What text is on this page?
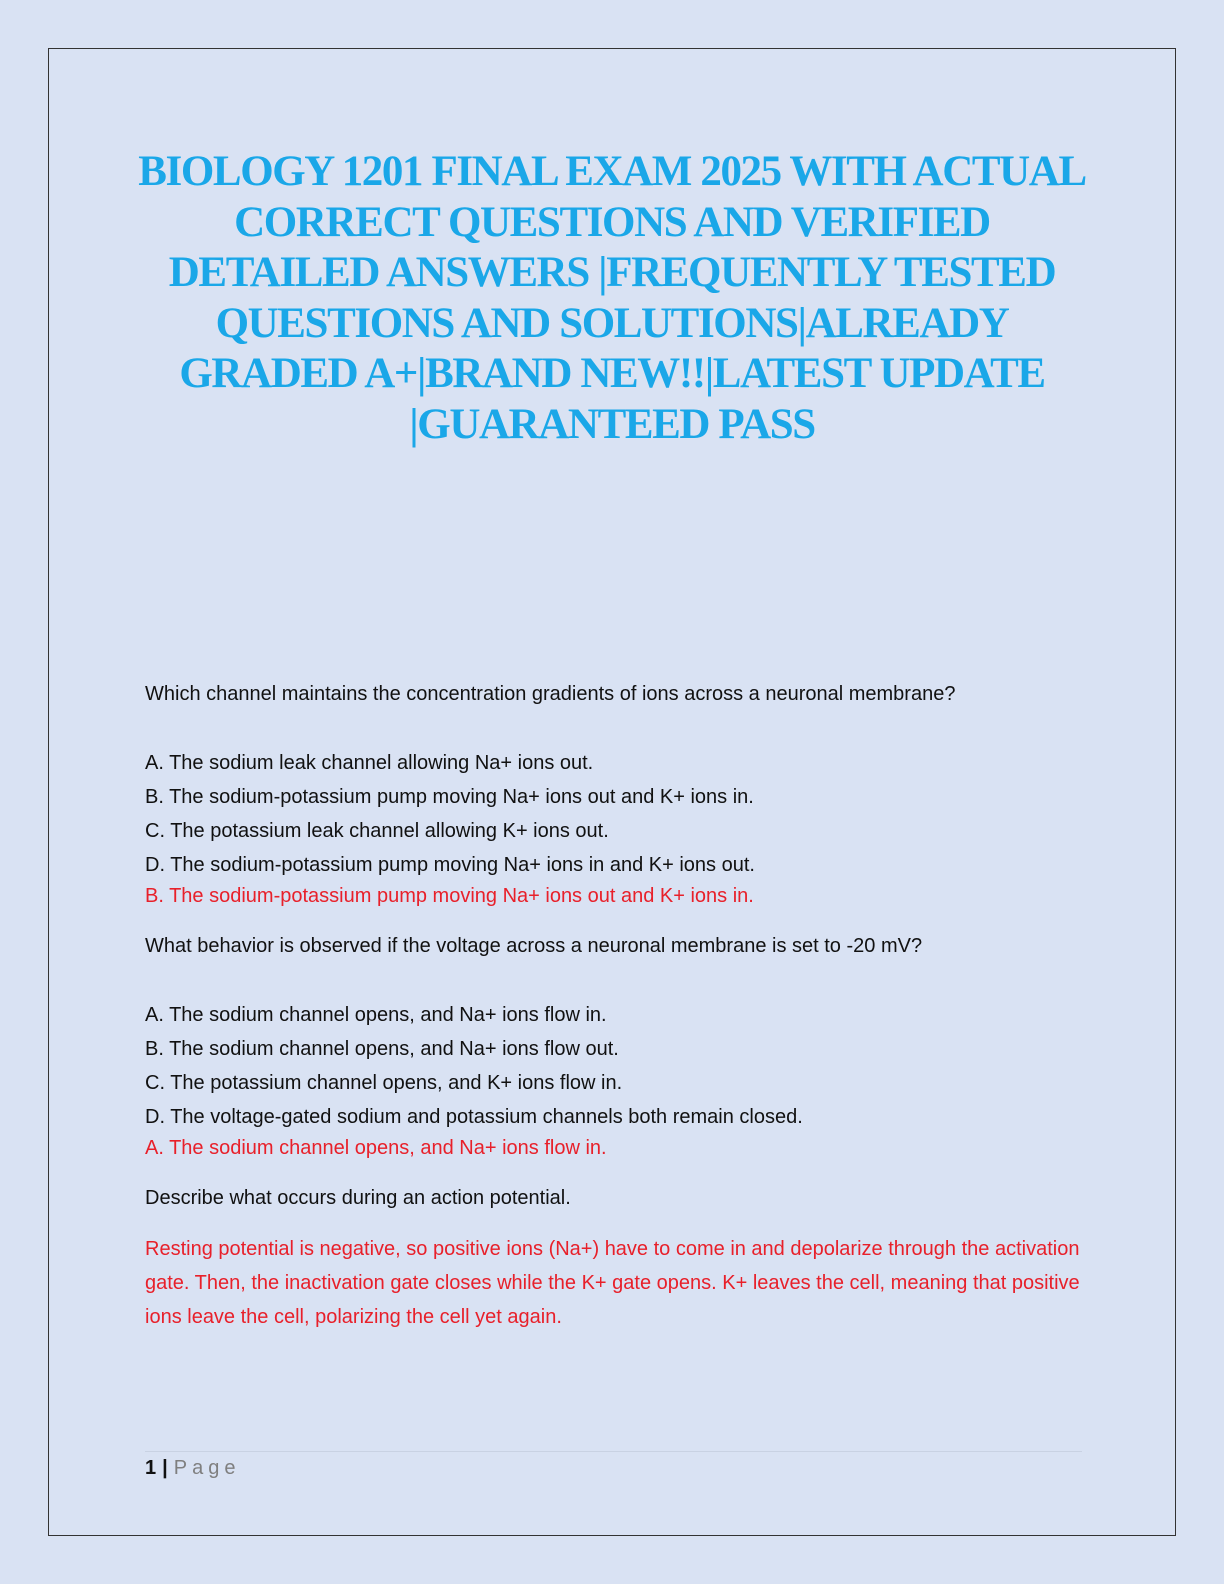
BIOLOGY 1201 FINAL EXAM 2025 WITH ACTUAL CORRECT QUESTIONS AND VERIFIED DETAILED ANSWERS |FREQUENTLY TESTED QUESTIONS AND SOLUTIONS|ALREADY GRADED A+|BRAND NEW!!|LATEST UPDATE |GUARANTEED PASS

Which channel maintains the concentration gradients of ions across a neuronal membrane?

A. The sodium leak channel allowing Na+ ions out.

B. The sodium-potassium pump moving Na+ ions out and K+ ions in.

C. The potassium leak channel allowing K+ ions out.

D. The sodium-potassium pump moving Na+ ions in and K+ ions out.

B. The sodium-potassium pump moving Na+ ions out and K+ ions in.

What behavior is observed if the voltage across a neuronal membrane is set to -20 mV?

A. The sodium channel opens, and Na+ ions flow in.

B. The sodium channel opens, and Na+ ions flow out.

C. The potassium channel opens, and K+ ions flow in.

D. The voltage-gated sodium and potassium channels both remain closed.

A. The sodium channel opens, and Na+ ions flow in.

Describe what occurs during an action potential.

Resting potential is negative, so positive ions (Na+) have to come in and depolarize through the activation gate. Then, the inactivation gate closes while the K+ gate opens. K+ leaves the cell, meaning that positive ions leave the cell, polarizing the cell yet again.

1 | Page
